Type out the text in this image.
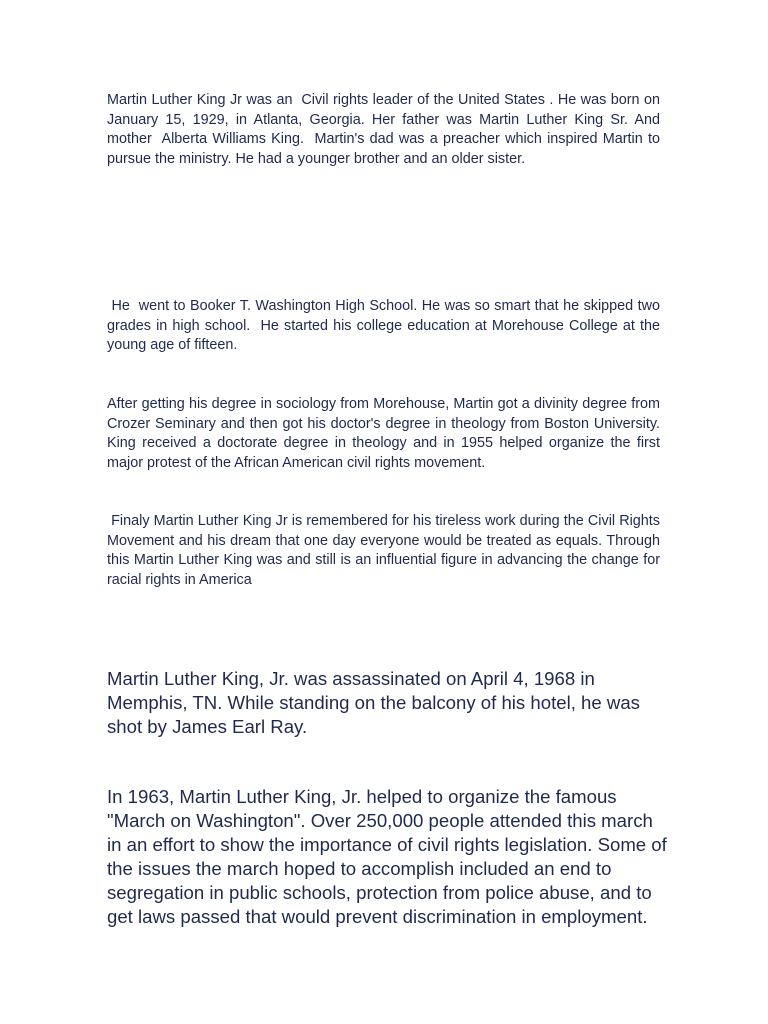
Martin Luther King Jr was an  Civil rights leader of the United States . He was born on January 15, 1929, in Atlanta, Georgia. Her father was Martin Luther King Sr. And mother  Alberta Williams King.  Martin's dad was a preacher which inspired Martin to pursue the ministry. He had a younger brother and an older sister.

He  went to Booker T. Washington High School. He was so smart that he skipped two grades in high school.  He started his college education at Morehouse College at the young age of fifteen.

After getting his degree in sociology from Morehouse, Martin got a divinity degree from Crozer Seminary and then got his doctor's degree in theology from Boston University. King received a doctorate degree in theology and in 1955 helped organize the first major protest of the African American civil rights movement.

Finaly Martin Luther King Jr is remembered for his tireless work during the Civil Rights Movement and his dream that one day everyone would be treated as equals. Through this Martin Luther King was and still is an influential figure in advancing the change for racial rights in America

Martin Luther King, Jr. was assassinated on April 4, 1968 in Memphis, TN. While standing on the balcony of his hotel, he was shot by James Earl Ray.

In 1963, Martin Luther King, Jr. helped to organize the famous "March on Washington". Over 250,000 people attended this march in an effort to show the importance of civil rights legislation. Some of the issues the march hoped to accomplish included an end to segregation in public schools, protection from police abuse, and to get laws passed that would prevent discrimination in employment.
